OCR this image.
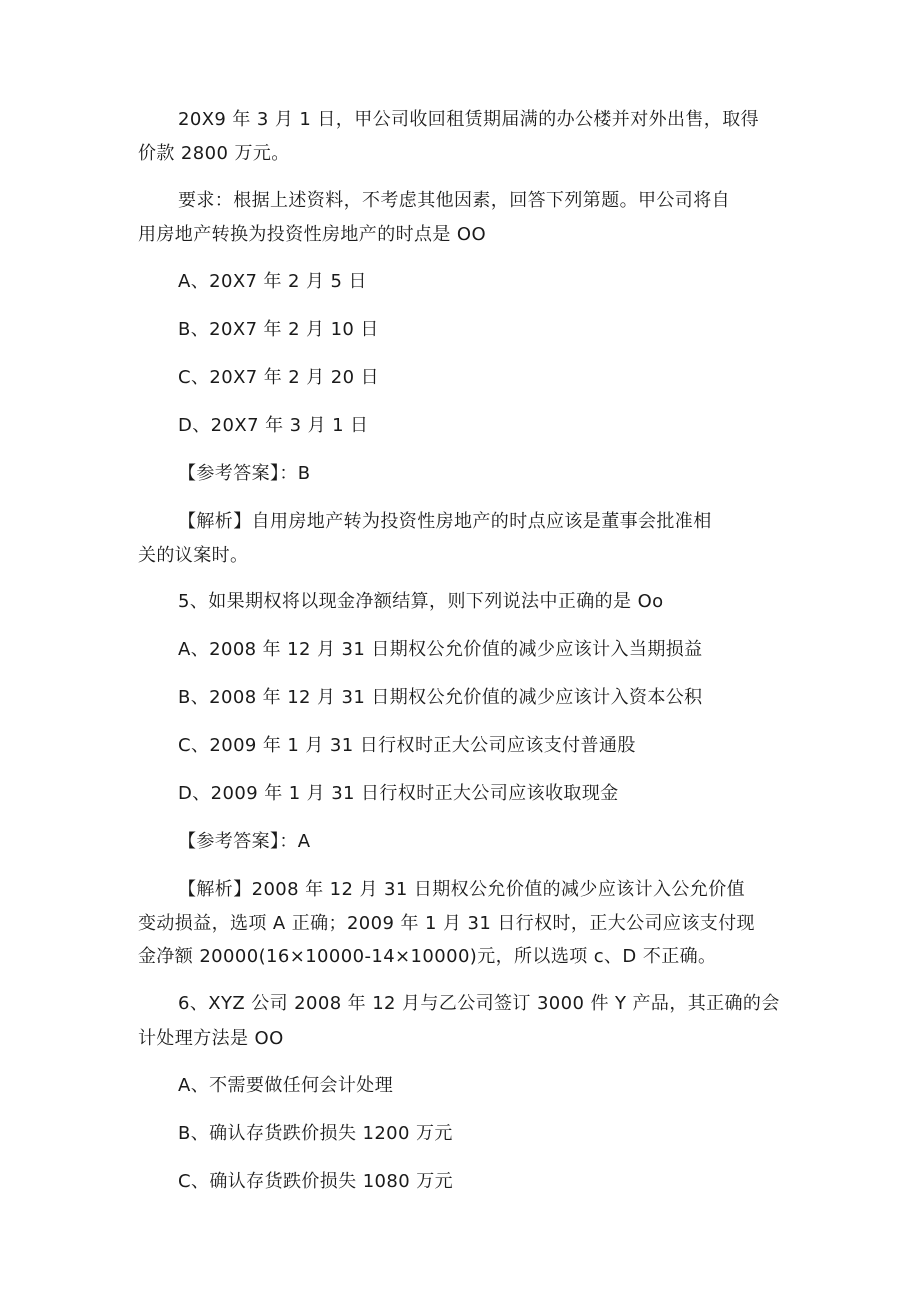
20X9 年 3 月 1 日，甲公司收回租赁期届满的办公楼并对外出售，取得
价款 2800 万元。
要求：根据上述资料，不考虑其他因素，回答下列第题。甲公司将自
用房地产转换为投资性房地产的时点是 OO
A、20X7 年 2 月 5 日
B、20X7 年 2 月 10 日
C、20X7 年 2 月 20 日
D、20X7 年 3 月 1 日
【参考答案】：B
【解析】自用房地产转为投资性房地产的时点应该是董事会批准相
关的议案时。
5、如果期权将以现金净额结算，则下列说法中正确的是 Oo
A、2008 年 12 月 31 日期权公允价值的减少应该计入当期损益
B、2008 年 12 月 31 日期权公允价值的减少应该计入资本公积
C、2009 年 1 月 31 日行权时正大公司应该支付普通股
D、2009 年 1 月 31 日行权时正大公司应该收取现金
【参考答案】：A
【解析】2008 年 12 月 31 日期权公允价值的减少应该计入公允价值
变动损益，选项 A 正确；2009 年 1 月 31 日行权时，正大公司应该支付现
金净额 20000(16×10000-14×10000)元，所以选项 c、D 不正确。
6、XYZ 公司 2008 年 12 月与乙公司签订 3000 件 Y 产品，其正确的会
计处理方法是 OO
A、不需要做任何会计处理
B、确认存货跌价损失 1200 万元
C、确认存货跌价损失 1080 万元
